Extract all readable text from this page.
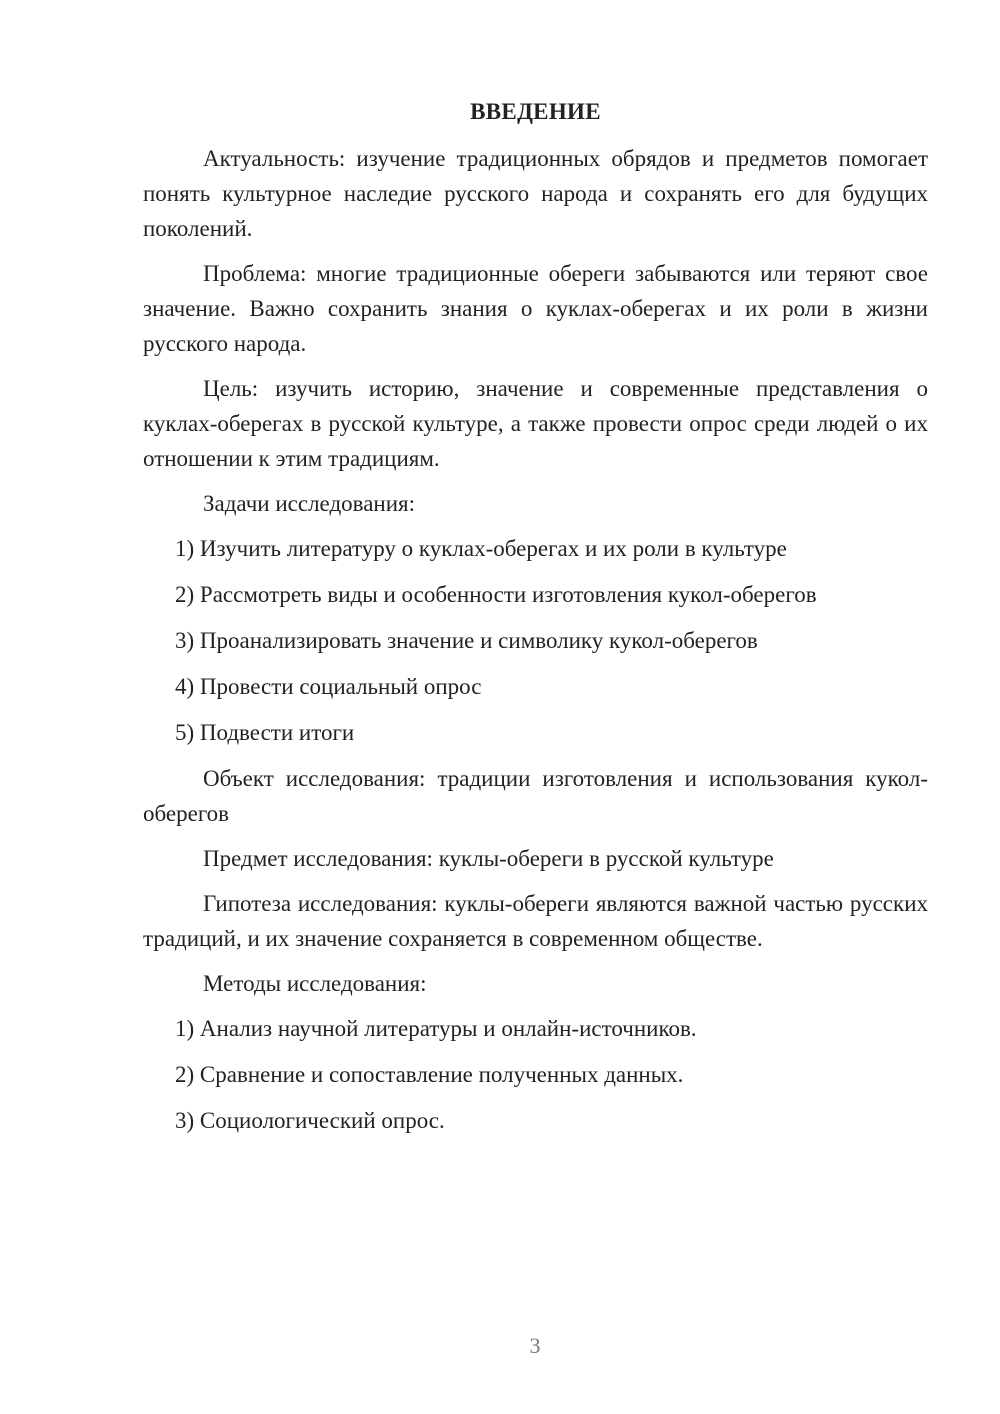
ВВЕДЕНИЕ

Актуальность: изучение традиционных обрядов и предметов помогает понять культурное наследие русского народа и сохранять его для будущих поколений.

Проблема: многие традиционные обереги забываются или теряют свое значение. Важно сохранить знания о куклах-оберегах и их роли в жизни русского народа.

Цель: изучить историю, значение и современные представления о куклах-оберегах в русской культуре, а также провести опрос среди людей о их отношении к этим традициям.

Задачи исследования:

1) Изучить литературу о куклах-оберегах и их роли в культуре
2) Рассмотреть виды и особенности изготовления кукол-оберегов
3) Проанализировать значение и символику кукол-оберегов
4) Провести социальный опрос
5) Подвести итоги

Объект исследования: традиции изготовления и использования кукол-оберегов

Предмет исследования: куклы-обереги в русской культуре

Гипотеза исследования: куклы-обереги являются важной частью русских традиций, и их значение сохраняется в современном обществе.

Методы исследования:

1) Анализ научной литературы и онлайн-источников.
2) Сравнение и сопоставление полученных данных.
3) Социологический опрос.
3
